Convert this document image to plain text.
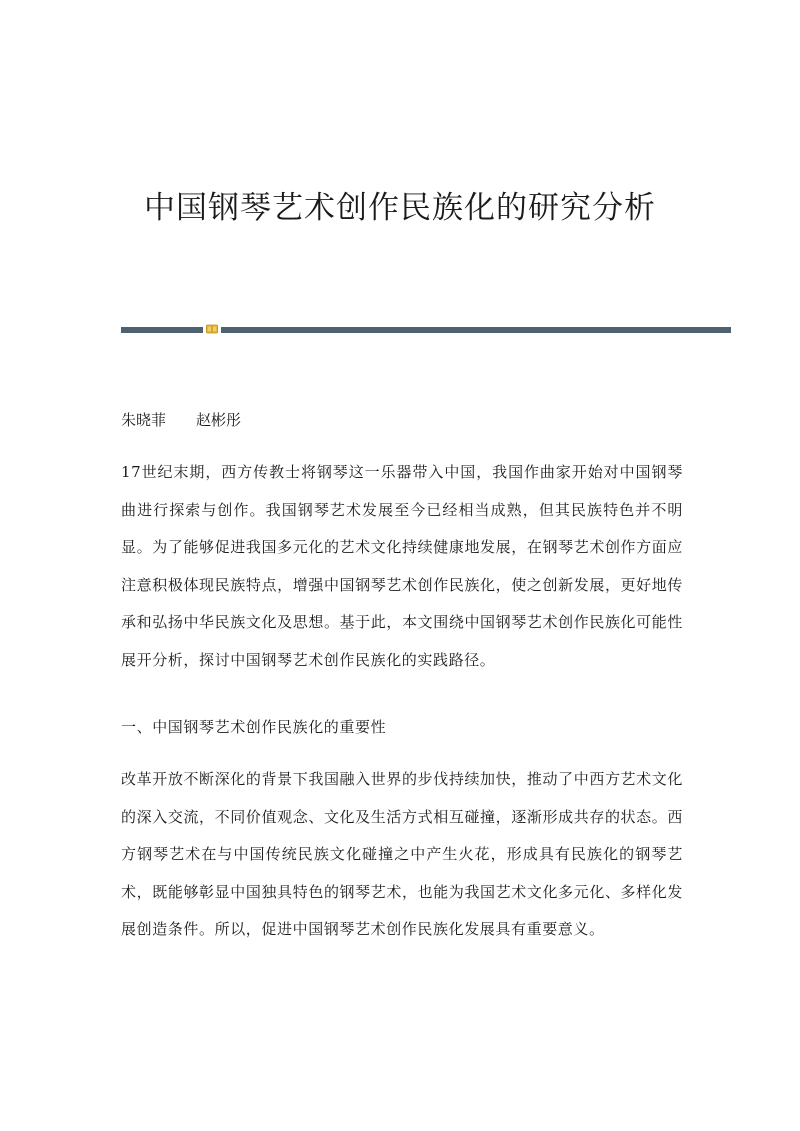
中国钢琴艺术创作民族化的研究分析

朱晓菲　　赵彬彤

17世纪末期，西方传教士将钢琴这一乐器带入中国，我国作曲家开始对中国钢琴曲进行探索与创作。我国钢琴艺术发展至今已经相当成熟，但其民族特色并不明显。为了能够促进我国多元化的艺术文化持续健康地发展，在钢琴艺术创作方面应注意积极体现民族特点，增强中国钢琴艺术创作民族化，使之创新发展，更好地传承和弘扬中华民族文化及思想。基于此，本文围绕中国钢琴艺术创作民族化可能性展开分析，探讨中国钢琴艺术创作民族化的实践路径。

一、中国钢琴艺术创作民族化的重要性

改革开放不断深化的背景下我国融入世界的步伐持续加快，推动了中西方艺术文化的深入交流，不同价值观念、文化及生活方式相互碰撞，逐渐形成共存的状态。西方钢琴艺术在与中国传统民族文化碰撞之中产生火花，形成具有民族化的钢琴艺术，既能够彰显中国独具特色的钢琴艺术，也能为我国艺术文化多元化、多样化发展创造条件。所以，促进中国钢琴艺术创作民族化发展具有重要意义。
